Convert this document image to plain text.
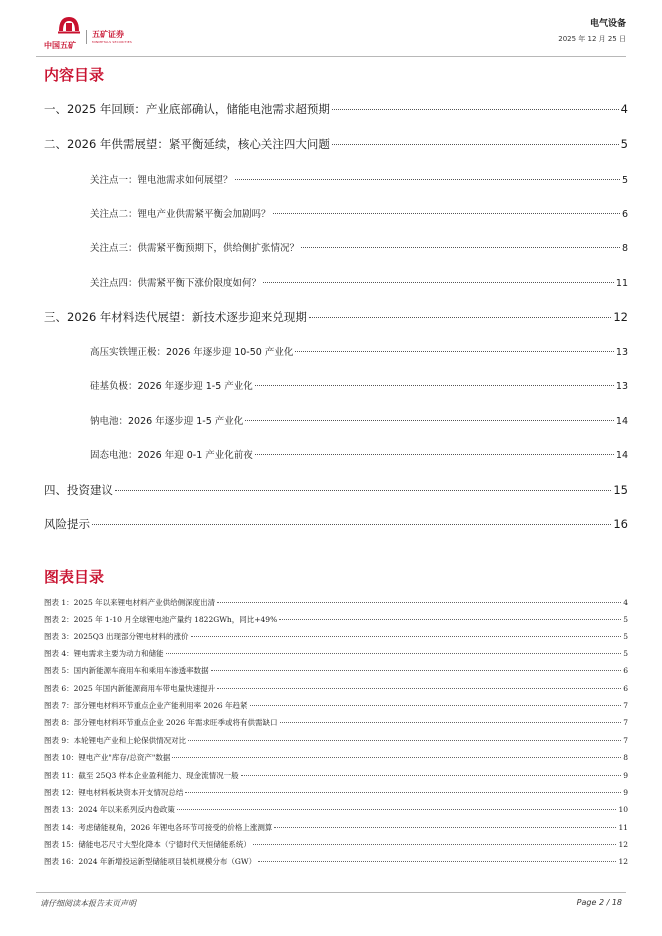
中国五矿
五矿证券
MINMETALS SECURITIES
电气设备
2025 年 12 月 25 日
内容目录
一、2025 年回顾：产业底部确认，储能电池需求超预期	4
二、2026 年供需展望：紧平衡延续，核心关注四大问题	5
关注点一：锂电池需求如何展望？	5
关注点二：锂电产业供需紧平衡会加剧吗？	6
关注点三：供需紧平衡预期下，供给侧扩张情况？	8
关注点四：供需紧平衡下涨价限度如何？	11
三、2026 年材料迭代展望：新技术逐步迎来兑现期	12
高压实铁锂正极：2026 年逐步迎 10-50 产业化	13
硅基负极：2026 年逐步迎 1-5 产业化	13
钠电池：2026 年逐步迎 1-5 产业化	14
固态电池：2026 年迎 0-1 产业化前夜	14
四、投资建议	15
风险提示	16
图表目录
图表 1：2025 年以来锂电材料产业供给侧深度出清	4
图表 2：2025 年 1-10 月全球锂电池产量约 1822GWh，同比+49%	5
图表 3：2025Q3 出现部分锂电材料的涨价	5
图表 4：锂电需求主要为动力和储能	5
图表 5：国内新能源车商用车和乘用车渗透率数据	6
图表 6：2025 年国内新能源商用车带电量快速提升	6
图表 7：部分锂电材料环节重点企业产能利用率 2026 年趋紧	7
图表 8：部分锂电材料环节重点企业 2026 年需求旺季或将有供需缺口	7
图表 9：本轮锂电产业和上轮保供情况对比	7
图表 10：锂电产业"库存/总资产"数据	8
图表 11：截至 25Q3 样本企业盈利能力、现金流情况一般	9
图表 12：锂电材料板块资本开支情况总结	9
图表 13：2024 年以来系列反内卷政策	10
图表 14：考虑储能视角，2026 年锂电各环节可接受的价格上涨测算	11
图表 15：储能电芯尺寸大型化降本（宁德时代天恒储能系统）	12
图表 16：2024 年新增投运新型储能项目装机规模分布（GW）	12
请仔细阅读本报告末页声明	Page 2 / 18
